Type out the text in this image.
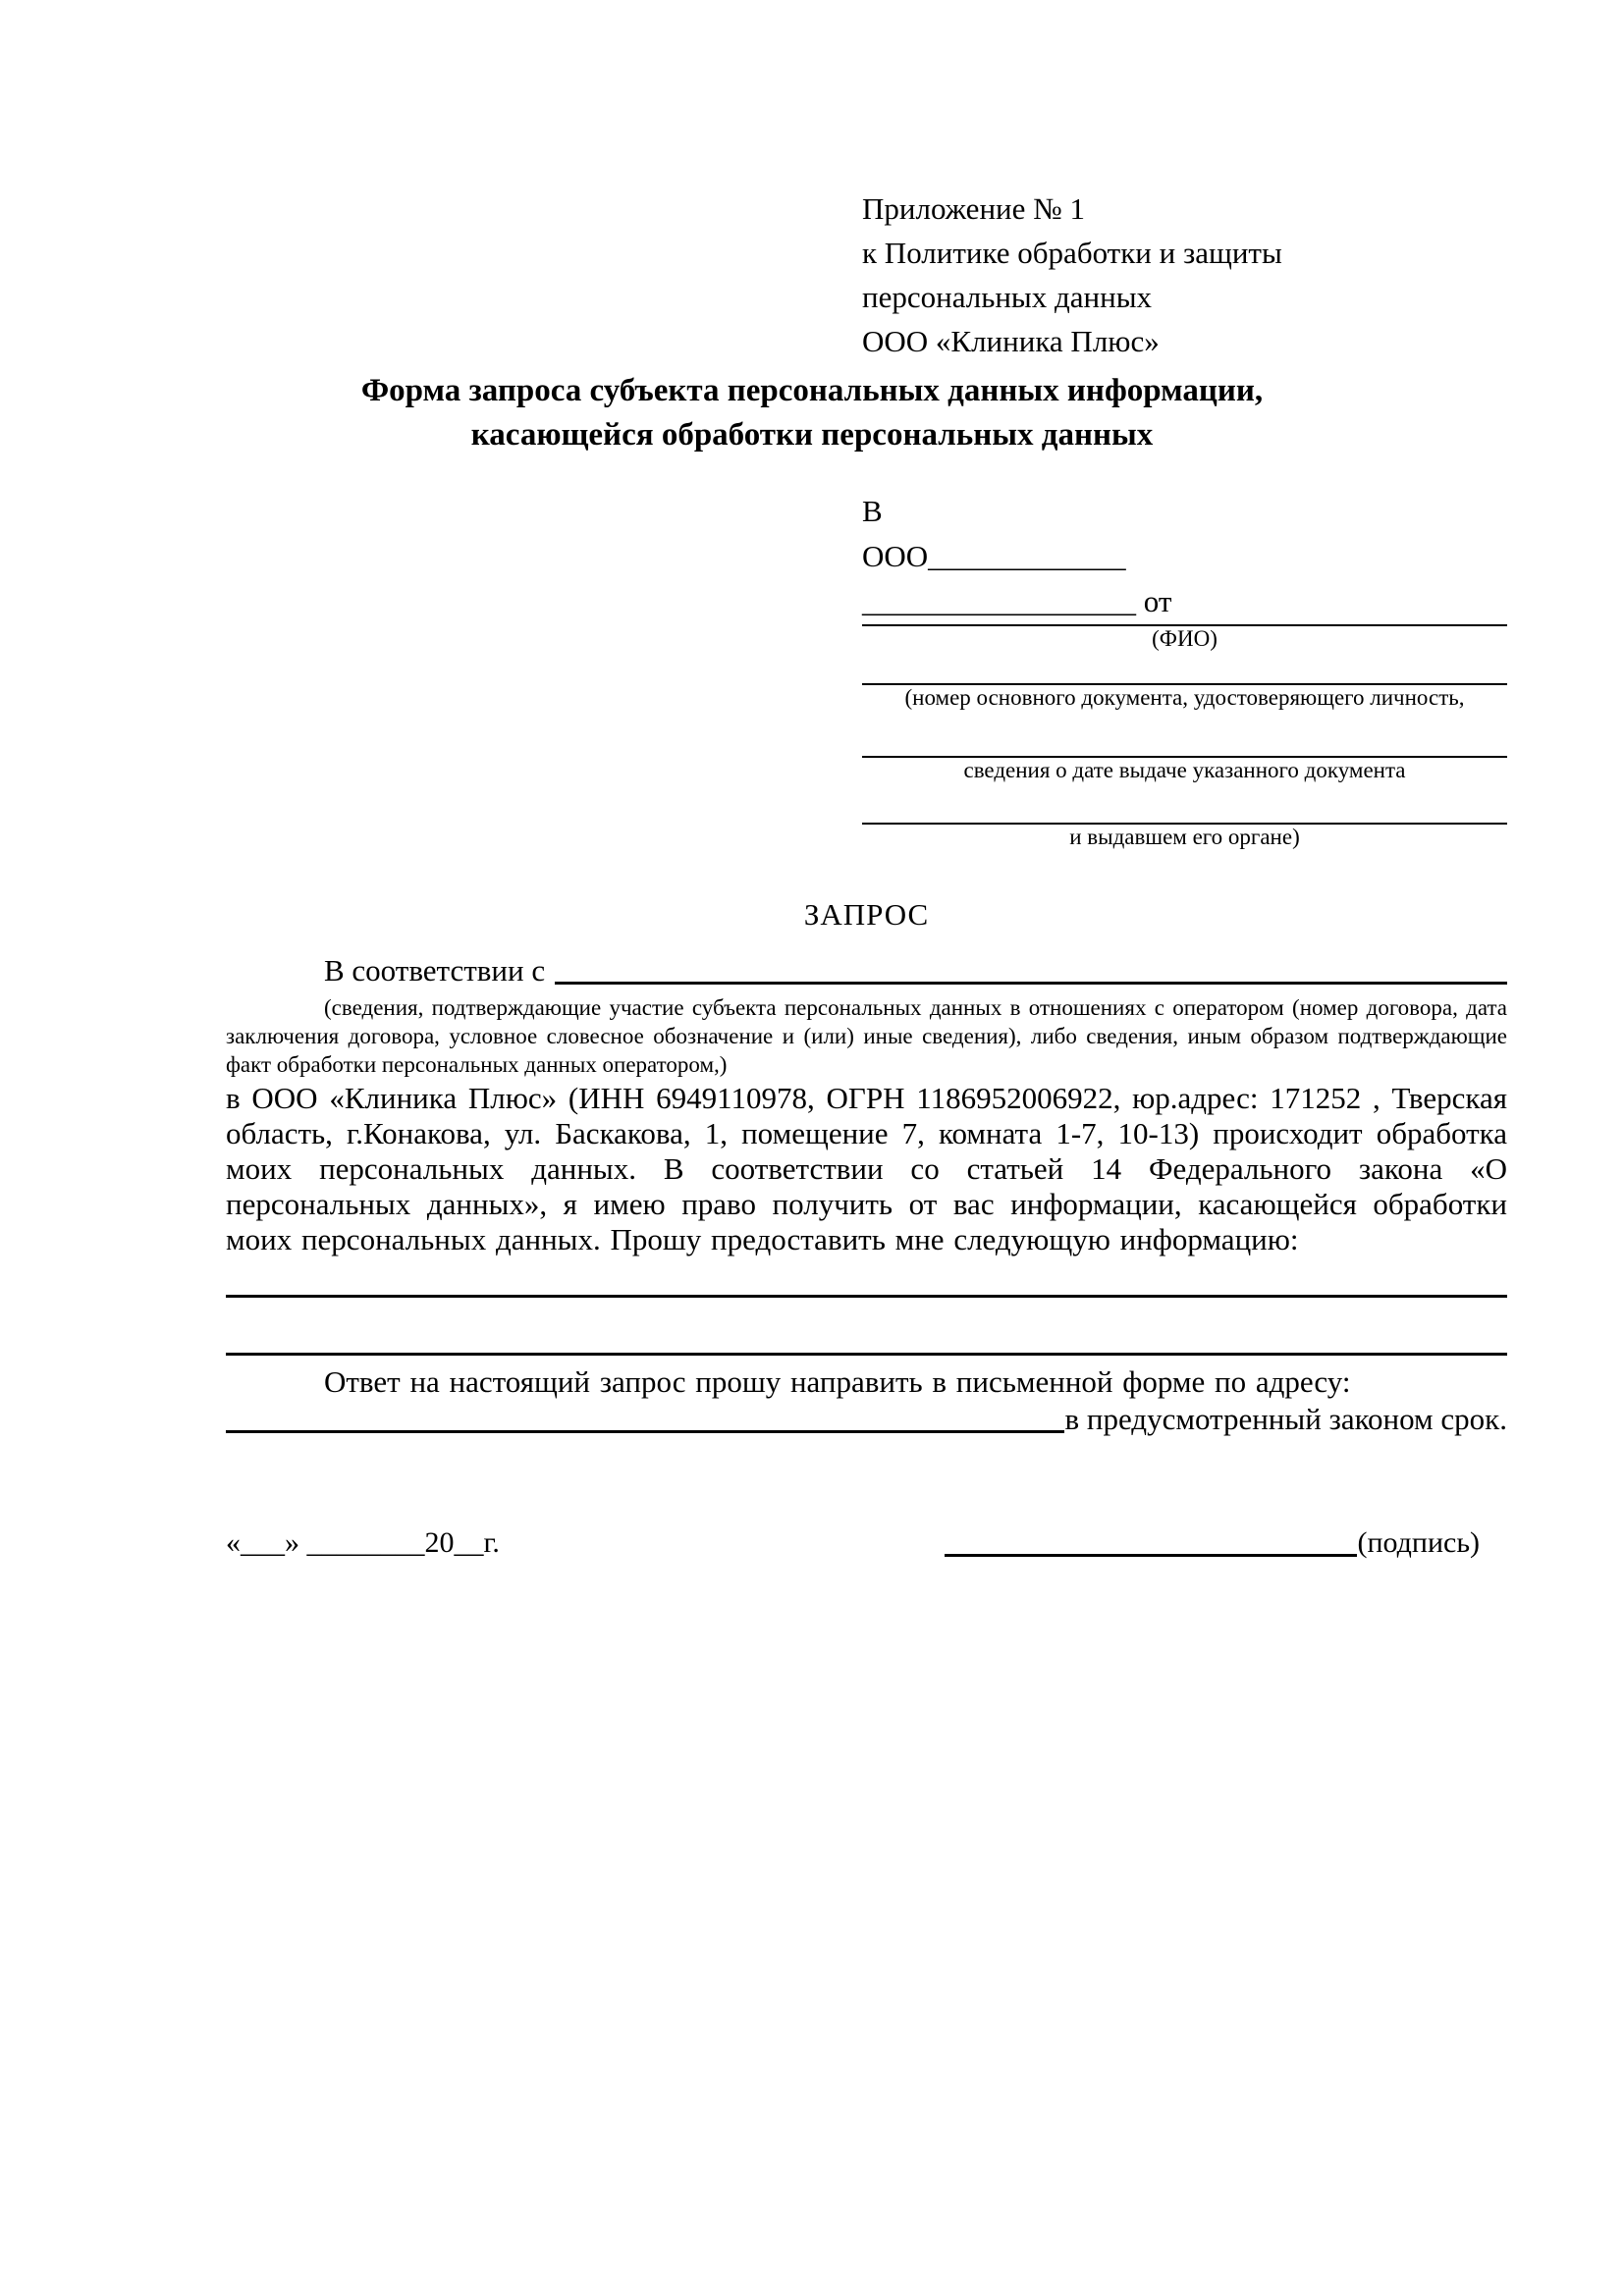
Приложение № 1
к Политике обработки и защиты
персональных данных
ООО «Клиника Плюс»
Форма запроса субъекта персональных данных информации,
касающейся обработки персональных данных
В
ООО_____________
__________________ от
(ФИО)
(номер основного документа, удостоверяющего личность,
сведения о дате выдаче указанного документа
и выдавшем его органе)
ЗАПРОС
В соответствии с
(сведения, подтверждающие участие субъекта персональных данных в отношениях с оператором (номер договора, дата заключения договора, условное словесное обозначение и (или) иные сведения), либо сведения, иным образом подтверждающие факт обработки персональных данных оператором,)
в ООО «Клиника Плюс» (ИНН 6949110978, ОГРН 1186952006922, юр.адрес: 171252 , Тверская область, г.Конакова, ул. Баскакова, 1, помещение 7, комната 1-7, 10-13) происходит обработка моих персональных данных. В соответствии со статьей 14 Федерального закона «О персональных данных», я имею право получить от вас информации, касающейся обработки моих персональных данных. Прошу предоставить мне следующую информацию:
Ответ на настоящий запрос прошу направить в письменной форме по адресу:
в предусмотренный законом срок.
«___» ________20__г.	(подпись)
